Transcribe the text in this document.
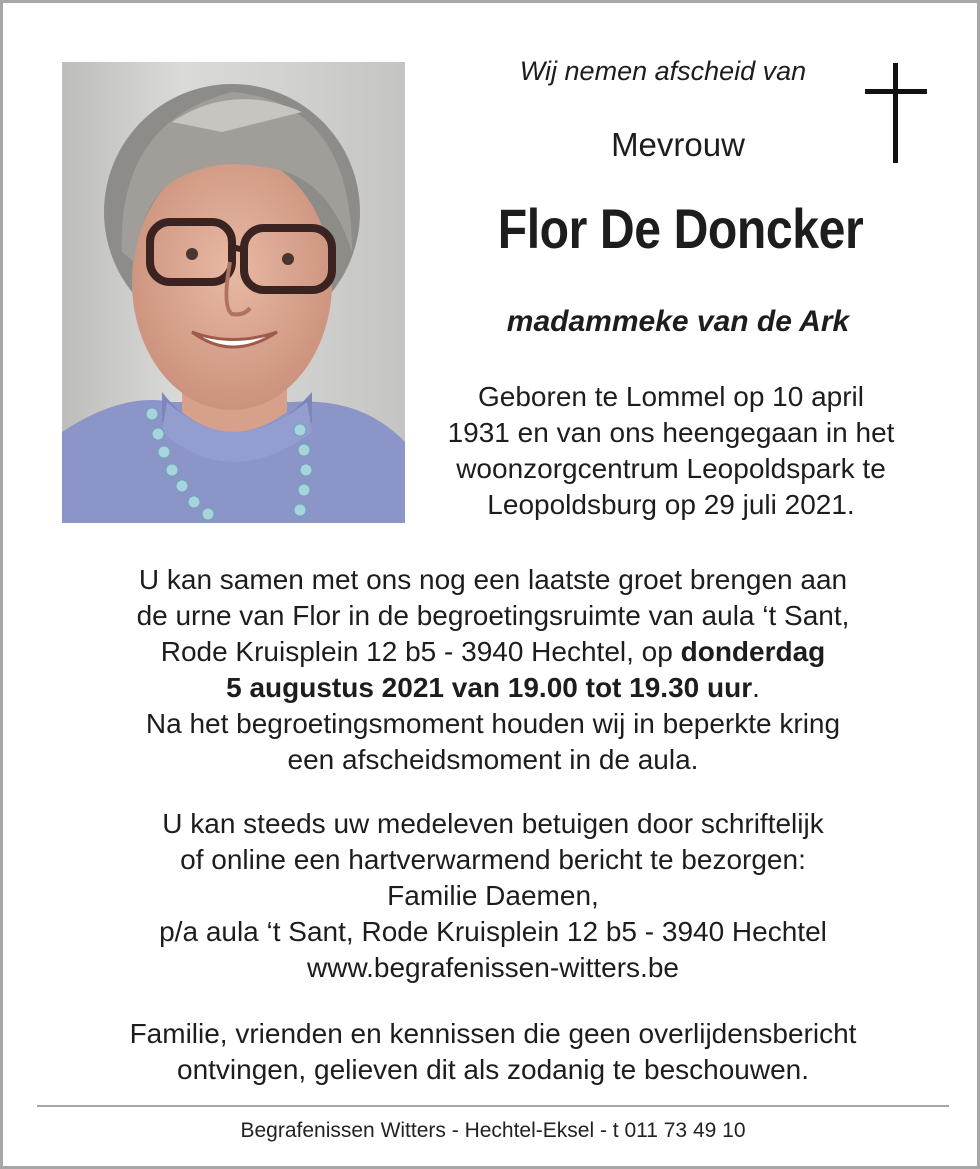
Wij nemen afscheid van
Mevrouw
Flor De Doncker
madammeke van de Ark
Geboren te Lommel op 10 april
1931 en van ons heengegaan in het
woonzorgcentrum Leopoldspark te
Leopoldsburg op 29 juli 2021.
U kan samen met ons nog een laatste groet brengen aan
de urne van Flor in de begroetingsruimte van aula ‘t Sant,
Rode Kruisplein 12 b5 - 3940 Hechtel, op donderdag
5 augustus 2021 van 19.00 tot 19.30 uur.
Na het begroetingsmoment houden wij in beperkte kring
een afscheidsmoment in de aula.
U kan steeds uw medeleven betuigen door schriftelijk
of online een hartverwarmend bericht te bezorgen:
Familie Daemen,
p/a aula ‘t Sant, Rode Kruisplein 12 b5 - 3940 Hechtel
www.begrafenissen-witters.be
Familie, vrienden en kennissen die geen overlijdensbericht
ontvingen, gelieven dit als zodanig te beschouwen.
Begrafenissen Witters - Hechtel-Eksel - t 011 73 49 10
